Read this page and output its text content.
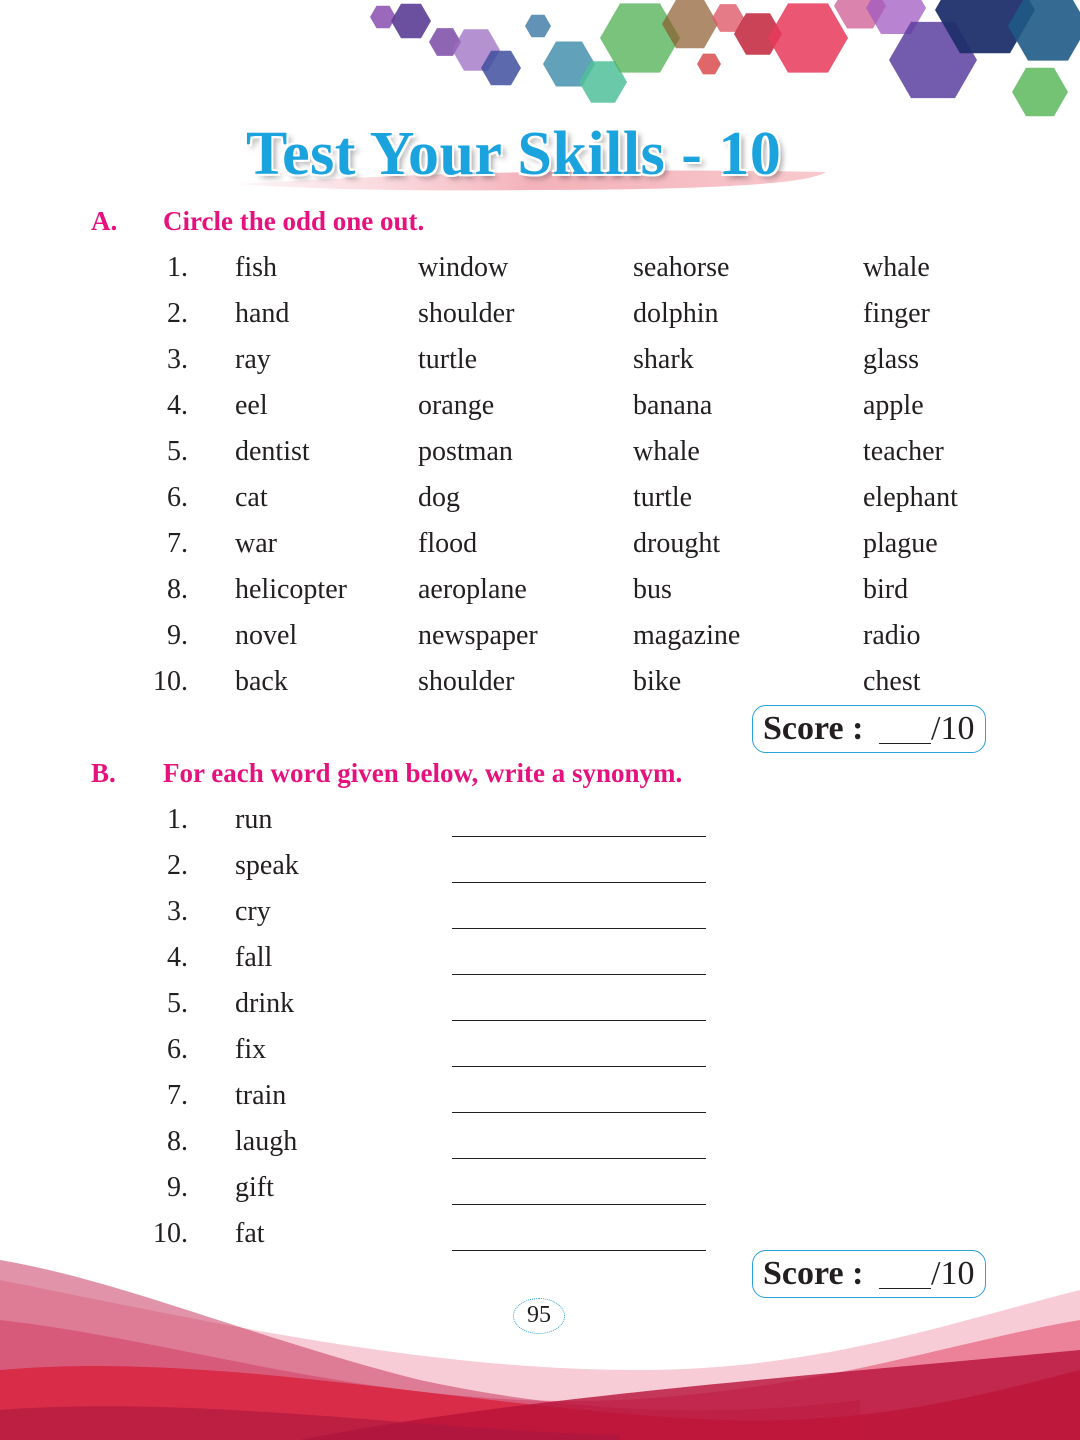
Test Your Skills - 10
A. Circle the odd one out.
1. fish	window	seahorse	whale
2. hand	shoulder	dolphin	finger
3. ray	turtle	shark	glass
4. eel	orange	banana	apple
5. dentist	postman	whale	teacher
6. cat	dog	turtle	elephant
7. war	flood	drought	plague
8. helicopter	aeroplane	bus	bird
9. novel	newspaper	magazine	radio
10. back	shoulder	bike	chest
Score : /10
B. For each word given below, write a synonym.
1. run
2. speak
3. cry
4. fall
5. drink
6. fix
7. train
8. laugh
9. gift
10. fat
Score : /10
95
